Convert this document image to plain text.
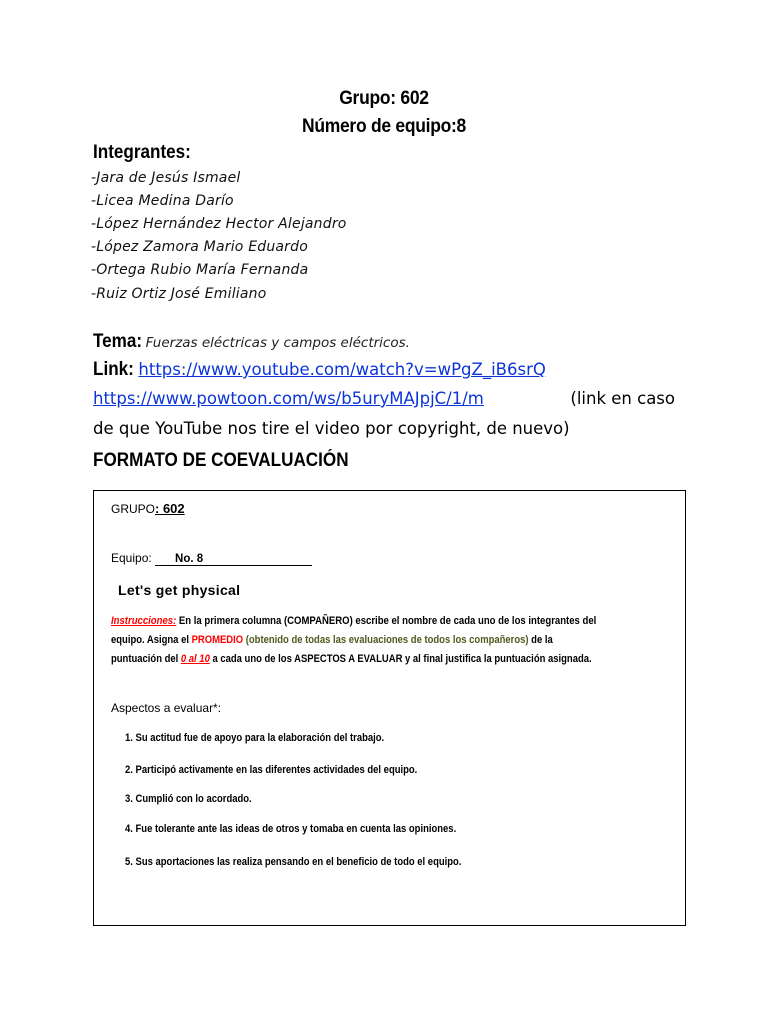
Grupo: 602
Número de equipo:8
Integrantes:
-Jara de Jesús Ismael
-Licea Medina Darío
-López Hernández Hector Alejandro
-López Zamora Mario Eduardo
-Ortega Rubio María Fernanda
-Ruiz Ortiz José Emiliano
Tema: Fuerzas eléctricas y campos eléctricos.
Link: https://www.youtube.com/watch?v=wPgZ_iB6srQ
https://www.powtoon.com/ws/b5uryMAJpjC/1/m	(link en caso
de que YouTube nos tire el video por copyright, de nuevo)
FORMATO DE COEVALUACIÓN
GRUPO: 602
Equipo: No. 8
Let's get physical
Instrucciones: En la primera columna (COMPAÑERO) escribe el nombre de cada uno de los integrantes del
equipo. Asigna el PROMEDIO (obtenido de todas las evaluaciones de todos los compañeros) de la
puntuación del 0 al 10 a cada uno de los ASPECTOS A EVALUAR y al final justifica la puntuación asignada.
Aspectos a evaluar*:
1. Su actitud fue de apoyo para la elaboración del trabajo.
2. Participó activamente en las diferentes actividades del equipo.
3. Cumplió con lo acordado.
4. Fue tolerante ante las ideas de otros y tomaba en cuenta las opiniones.
5. Sus aportaciones las realiza pensando en el beneficio de todo el equipo.
